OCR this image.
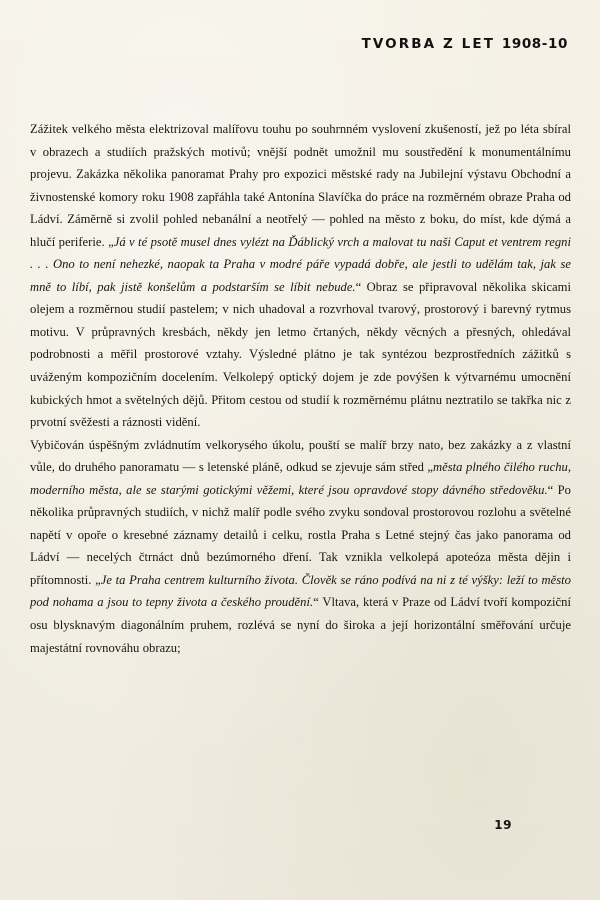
TVORBA Z LET 1908-10

Zážitek velkého města elektrizoval malířovu touhu po souhrnném vyslovení zkušeností, jež po léta sbíral v obrazech a studiích pražských motivů; vnější podnět umožnil mu soustředění k monumentálnímu projevu. Zakázka několika panoramat Prahy pro expozici městské rady na Jubilejní výstavu Obchodní a živnostenské komory roku 1908 zapřáhla také Antonína Slavíčka do práce na rozměrném obraze Praha od Ládví. Záměrně si zvolil pohled nebanální a neotřelý — pohled na město z boku, do míst, kde dýmá a hlučí periferie. „Já v té psotě musel dnes vylézt na Ďáblický vrch a malovat tu naši Caput et ventrem regni . . . Ono to není nehezké, naopak ta Praha v modré páře vypadá dobře, ale jestli to udělám tak, jak se mně to líbí, pak jistě konšelům a podstarším se líbit nebude.“ Obraz se připravoval několika skicami olejem a rozměrnou studií pastelem; v nich uhadoval a rozvrhoval tvarový, prostorový i barevný rytmus motivu. V průpravných kresbách, někdy jen letmo črtaných, někdy věcných a přesných, ohledával podrobnosti a měřil prostorové vztahy. Výsledné plátno je tak syntézou bezprostředních zážitků s uváženým kompozičním docelením. Velkolepý optický dojem je zde povýšen k výtvarnému umocnění kubických hmot a světelných dějů. Přitom cestou od studií k rozměrnému plátnu neztratilo se takřka nic z prvotní svěžesti a ráznosti vidění.

Vybičován úspěšným zvládnutím velkorysého úkolu, pouští se malíř brzy nato, bez zakázky a z vlastní vůle, do druhého panoramatu — s letenské pláně, odkud se zjevuje sám střed „města plného čilého ruchu, moderního města, ale se starými gotickými věžemi, které jsou opravdové stopy dávného středověku.“ Po několika průpravných studiích, v nichž malíř podle svého zvyku sondoval prostorovou rozlohu a světelné napětí v opoře o kresebné záznamy detailů i celku, rostla Praha s Letné stejný čas jako panorama od Ládví — necelých čtrnáct dnů bezúmorného dření. Tak vznikla velkolepá apoteóza města dějin i přítomnosti. „Je ta Praha centrem kulturního života. Člověk se ráno podívá na ni z té výšky: leží to město pod nohama a jsou to tepny života a českého proudění.“ Vltava, která v Praze od Ládví tvoří kompoziční osu blysknavým diagonálním pruhem, rozlévá se nyní do široka a její horizontální směřování určuje majestátní rovnováhu obrazu;

19
